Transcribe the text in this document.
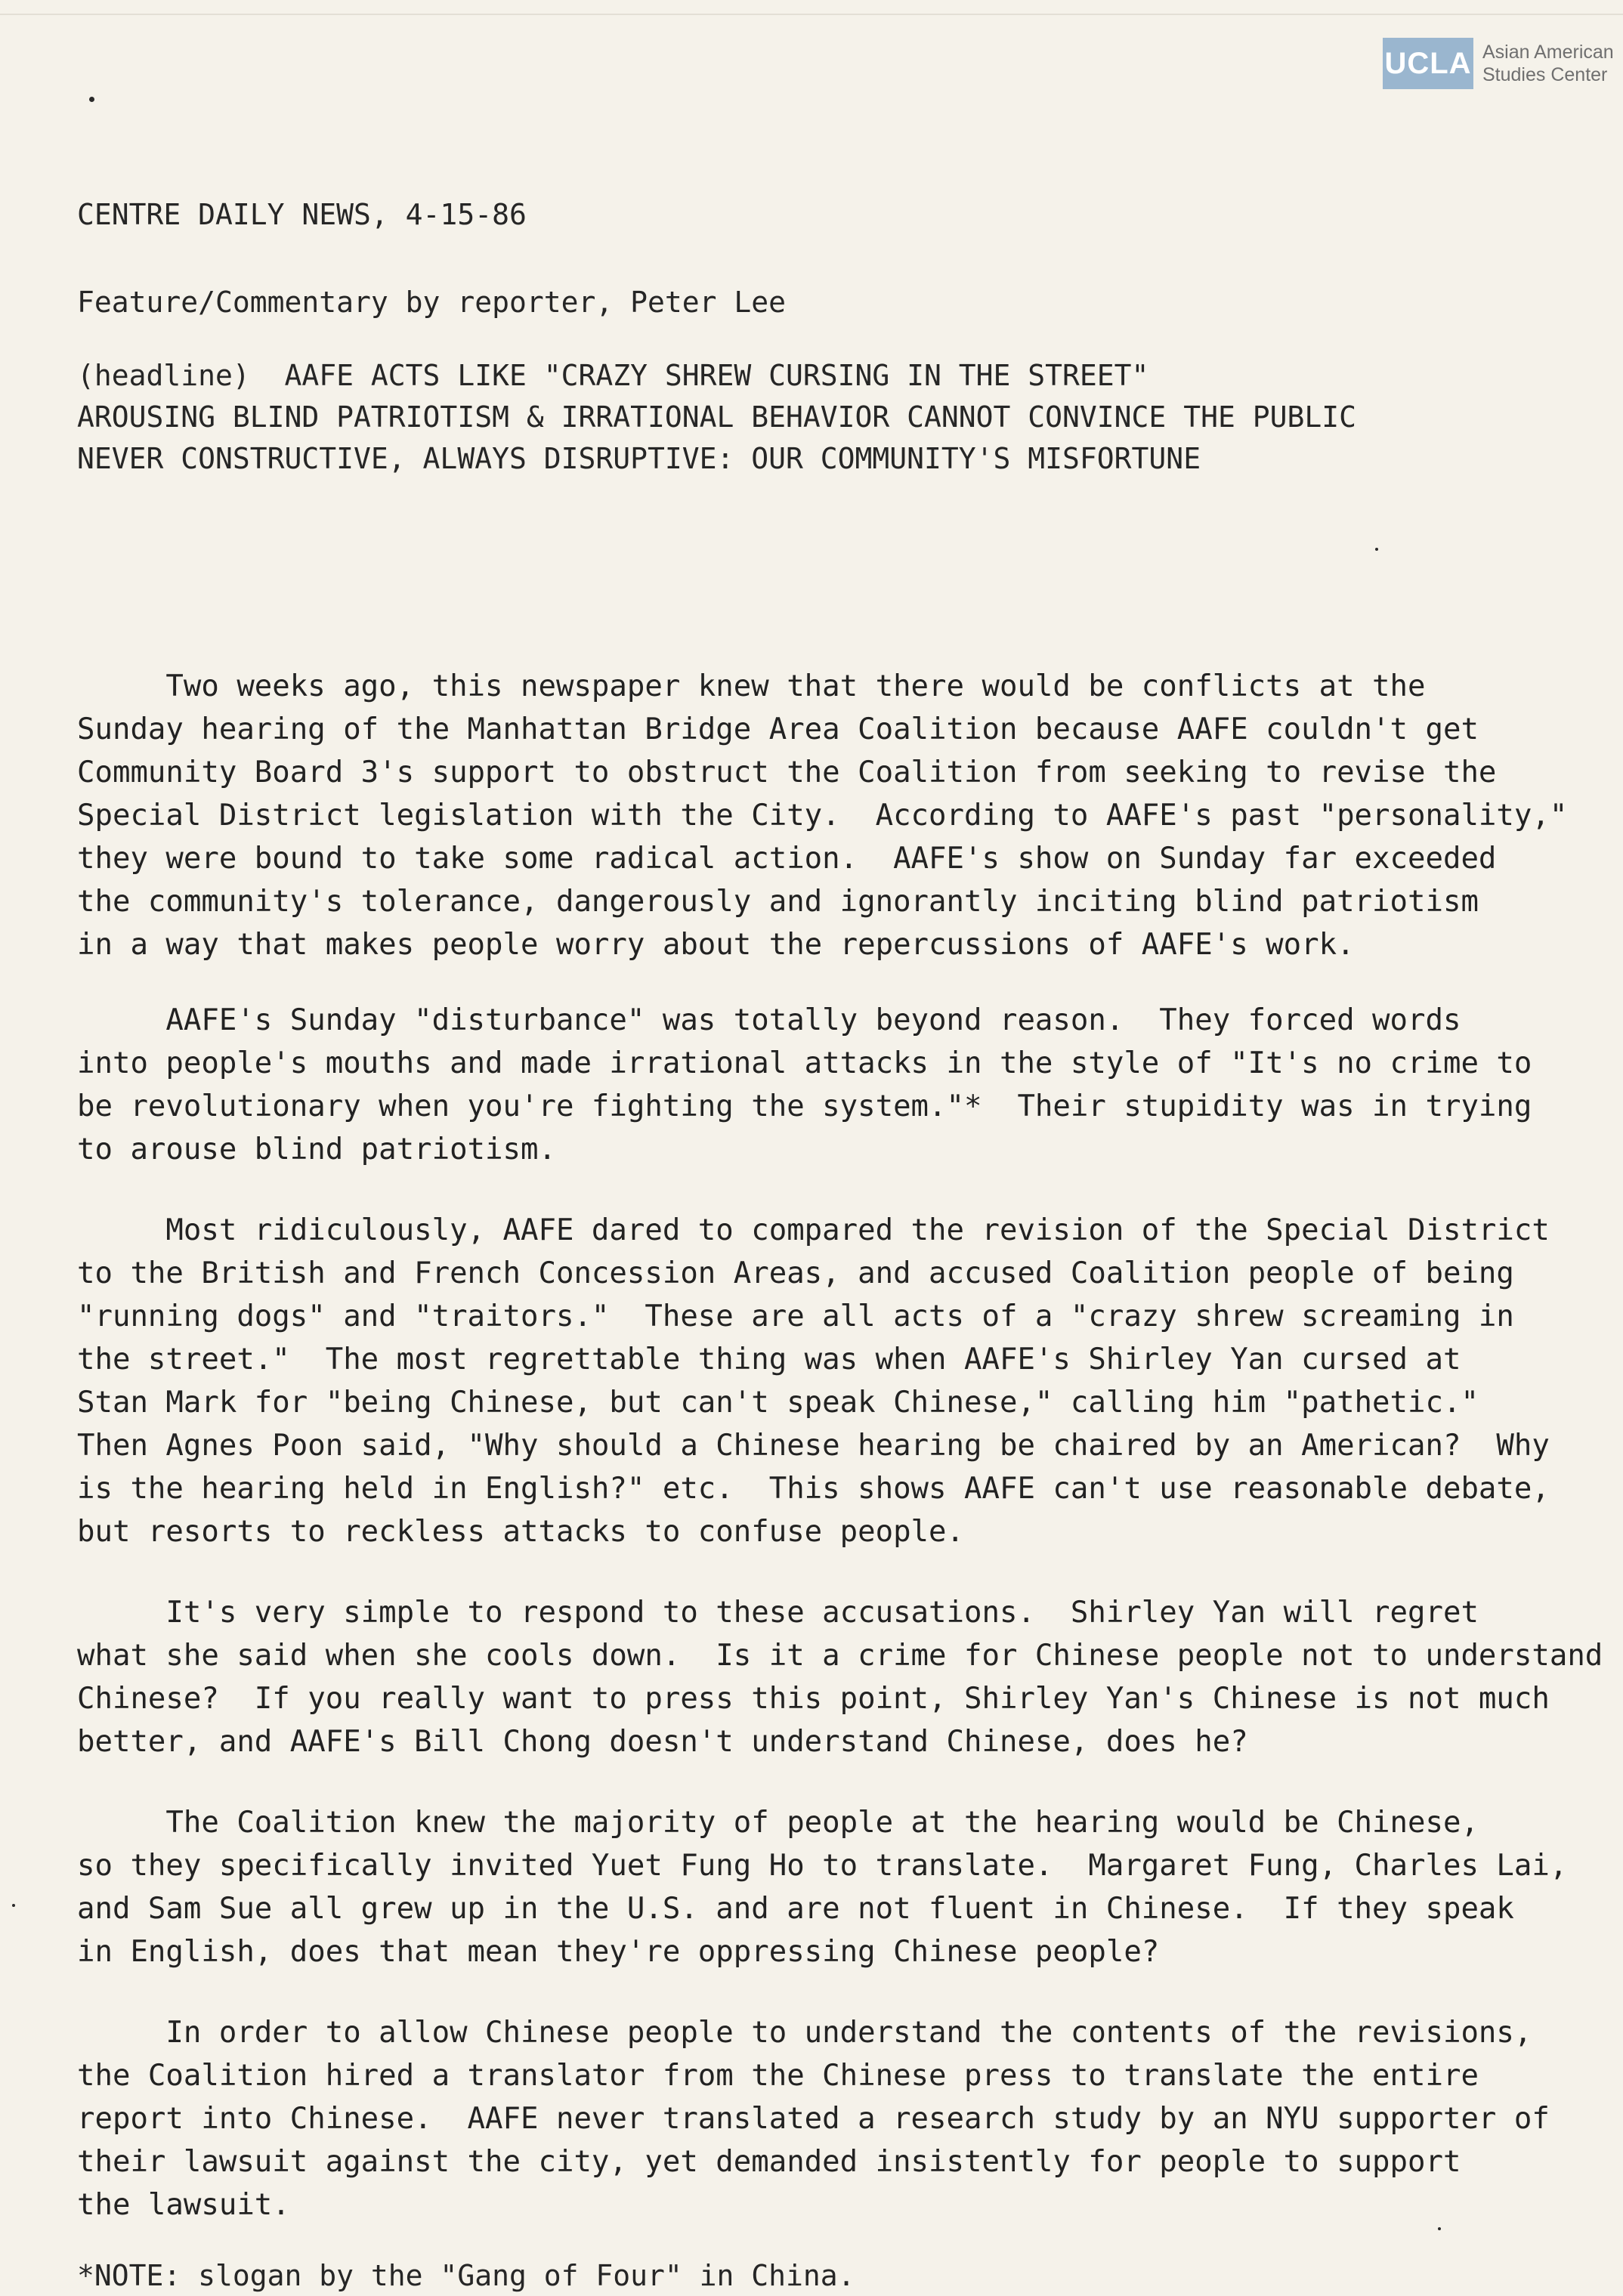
UCLA Asian American
Studies Center
CENTRE DAILY NEWS, 4-15-86
Feature/Commentary by reporter, Peter Lee
(headline)  AAFE ACTS LIKE "CRAZY SHREW CURSING IN THE STREET"
AROUSING BLIND PATRIOTISM & IRRATIONAL BEHAVIOR CANNOT CONVINCE THE PUBLIC
NEVER CONSTRUCTIVE, ALWAYS DISRUPTIVE: OUR COMMUNITY'S MISFORTUNE
Two weeks ago, this newspaper knew that there would be conflicts at the
Sunday hearing of the Manhattan Bridge Area Coalition because AAFE couldn't get
Community Board 3's support to obstruct the Coalition from seeking to revise the
Special District legislation with the City.  According to AAFE's past "personality,"
they were bound to take some radical action.  AAFE's show on Sunday far exceeded
the community's tolerance, dangerously and ignorantly inciting blind patriotism
in a way that makes people worry about the repercussions of AAFE's work.
AAFE's Sunday "disturbance" was totally beyond reason.  They forced words
into people's mouths and made irrational attacks in the style of "It's no crime to
be revolutionary when you're fighting the system."*  Their stupidity was in trying
to arouse blind patriotism.
Most ridiculously, AAFE dared to compared the revision of the Special District
to the British and French Concession Areas, and accused Coalition people of being
"running dogs" and "traitors."  These are all acts of a "crazy shrew screaming in
the street."  The most regrettable thing was when AAFE's Shirley Yan cursed at
Stan Mark for "being Chinese, but can't speak Chinese," calling him "pathetic."
Then Agnes Poon said, "Why should a Chinese hearing be chaired by an American?  Why
is the hearing held in English?" etc.  This shows AAFE can't use reasonable debate,
but resorts to reckless attacks to confuse people.
It's very simple to respond to these accusations.  Shirley Yan will regret
what she said when she cools down.  Is it a crime for Chinese people not to understand
Chinese?  If you really want to press this point, Shirley Yan's Chinese is not much
better, and AAFE's Bill Chong doesn't understand Chinese, does he?
The Coalition knew the majority of people at the hearing would be Chinese,
so they specifically invited Yuet Fung Ho to translate.  Margaret Fung, Charles Lai,
and Sam Sue all grew up in the U.S. and are not fluent in Chinese.  If they speak
in English, does that mean they're oppressing Chinese people?
In order to allow Chinese people to understand the contents of the revisions,
the Coalition hired a translator from the Chinese press to translate the entire
report into Chinese.  AAFE never translated a research study by an NYU supporter of
their lawsuit against the city, yet demanded insistently for people to support
the lawsuit.
*NOTE: slogan by the "Gang of Four" in China.
